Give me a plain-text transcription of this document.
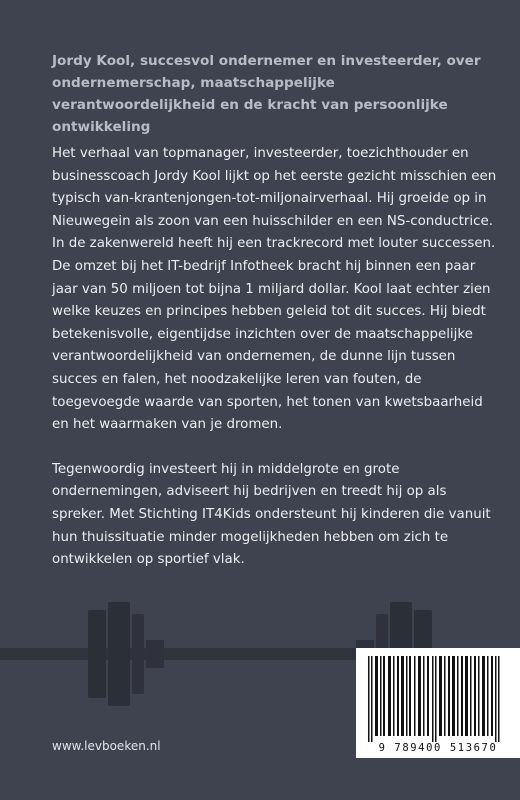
Jordy Kool, succesvol ondernemer en investeerder, over ondernemerschap, maatschappelijke verantwoordelijkheid en de kracht van persoonlijke ontwikkeling

Het verhaal van topmanager, investeerder, toezichthouder en businesscoach Jordy Kool lijkt op het eerste gezicht misschien een typisch van-krantenjongen-tot-miljonairverhaal. Hij groeide op in Nieuwegein als zoon van een huisschilder en een NS-conductrice. In de zakenwereld heeft hij een trackrecord met louter successen. De omzet bij het IT-bedrijf Infotheek bracht hij binnen een paar jaar van 50 miljoen tot bijna 1 miljard dollar. Kool laat echter zien welke keuzes en principes hebben geleid tot dit succes. Hij biedt betekenisvolle, eigentijdse inzichten over de maatschappelijke verantwoordelijkheid van ondernemen, de dunne lijn tussen succes en falen, het noodzakelijke leren van fouten, de toegevoegde waarde van sporten, het tonen van kwetsbaarheid en het waarmaken van je dromen.

Tegenwoordig investeert hij in middelgrote en grote ondernemingen, adviseert hij bedrijven en treedt hij op als spreker. Met Stichting IT4Kids ondersteunt hij kinderen die vanuit hun thuissituatie minder mogelijkheden hebben om zich te ontwikkelen op sportief vlak.

www.levboeken.nl	9 789400 513670
